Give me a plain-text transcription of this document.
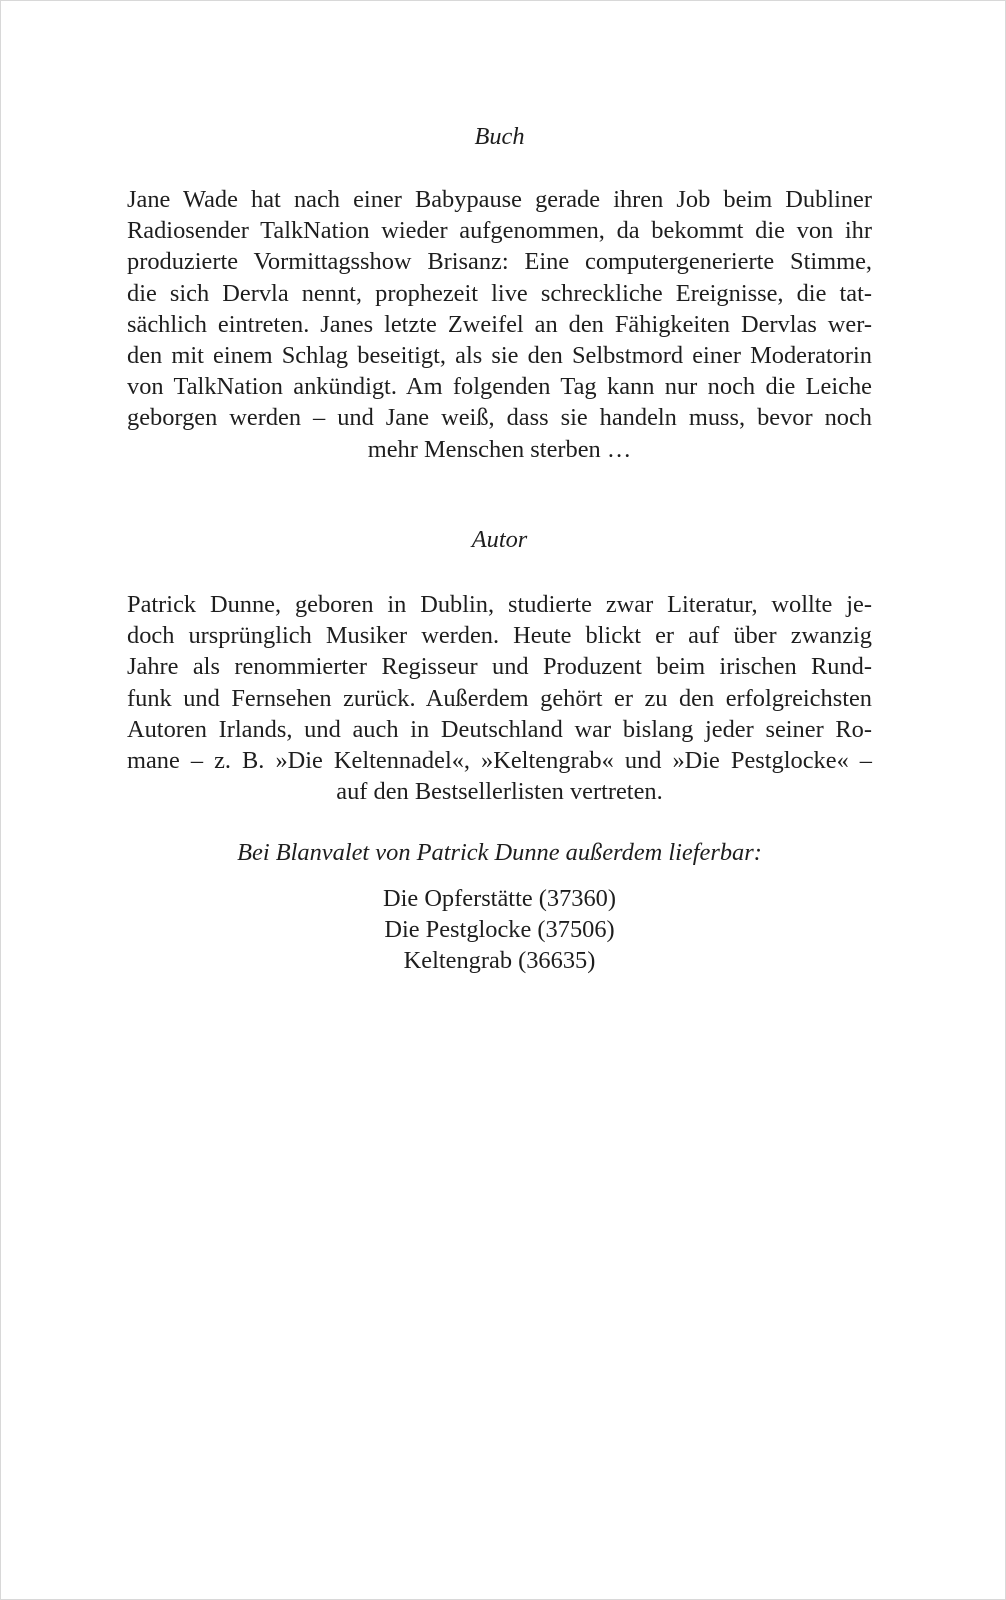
Buch
Jane Wade hat nach einer Babypause gerade ihren Job beim Dubliner
Radiosender TalkNation wieder aufgenommen, da bekommt die von ihr
produzierte Vormittagsshow Brisanz: Eine computergenerierte Stimme,
die sich Dervla nennt, prophezeit live schreckliche Ereignisse, die tat-
sächlich eintreten. Janes letzte Zweifel an den Fähigkeiten Dervlas wer-
den mit einem Schlag beseitigt, als sie den Selbstmord einer Moderatorin
von TalkNation ankündigt. Am folgenden Tag kann nur noch die Leiche
geborgen werden – und Jane weiß, dass sie handeln muss, bevor noch
mehr Menschen sterben …
Autor
Patrick Dunne, geboren in Dublin, studierte zwar Literatur, wollte je-
doch ursprünglich Musiker werden. Heute blickt er auf über zwanzig
Jahre als renommierter Regisseur und Produzent beim irischen Rund-
funk und Fernsehen zurück. Außerdem gehört er zu den erfolgreichsten
Autoren Irlands, und auch in Deutschland war bislang jeder seiner Ro-
mane – z. B. »Die Keltennadel«, »Keltengrab« und »Die Pestglocke« –
auf den Bestsellerlisten vertreten.
Bei Blanvalet von Patrick Dunne außerdem lieferbar:
Die Opferstätte (37360)
Die Pestglocke (37506)
Keltengrab (36635)
